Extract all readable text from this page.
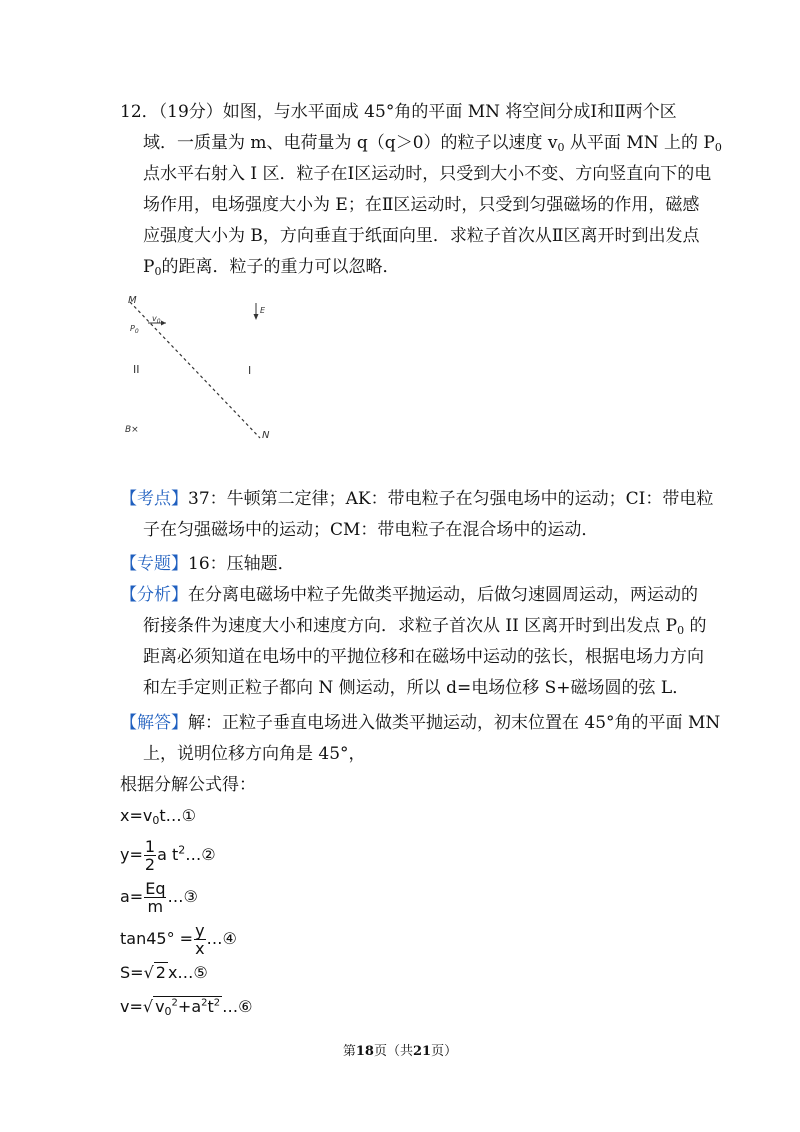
12．（19分）如图，与水平面成 45°角的平面 MN 将空间分成Ⅰ和Ⅱ两个区
域．一质量为 m、电荷量为 q（q＞0）的粒子以速度 $v_0$ 从平面 MN 上的 $P_0$
点水平右射入 I 区．粒子在Ⅰ区运动时，只受到大小不变、方向竖直向下的电
场作用，电场强度大小为 E；在Ⅱ区运动时，只受到匀强磁场的作用，磁感
应强度大小为 B，方向垂直于纸面向里．求粒子首次从Ⅱ区离开时到出发点
$P_0$的距离．粒子的重力可以忽略．
M
N
$v_0$
$P_0$
E
II	I
B×
【考点】37：牛顿第二定律；AK：带电粒子在匀强电场中的运动；CI：带电粒
子在匀强磁场中的运动；CM：带电粒子在混合场中的运动．
【专题】16：压轴题．
【分析】在分离电磁场中粒子先做类平抛运动，后做匀速圆周运动，两运动的
衔接条件为速度大小和速度方向．求粒子首次从 II 区离开时到出发点 $P_0$ 的
距离必须知道在电场中的平抛位移和在磁场中运动的弦长，根据电场力方向
和左手定则正粒子都向 N 侧运动，所以 d=电场位移 S+磁场圆的弦 L．
【解答】解：正粒子垂直电场进入做类平抛运动，初末位置在 45°角的平面 MN
上，说明位移方向角是 45°，
根据分解公式得：
$x=v_0t\dots ①$
$y= \frac{1}{2}$ a $t^2\dots ②$
$a= \frac{Eq}{m}$ …③
$\tan 45^\circ = \frac{y}{x}$ …④
S=√ 2 x…⑤
v=√ $v_0^2+a^2t^2$ …⑥
第18页（共21页）
